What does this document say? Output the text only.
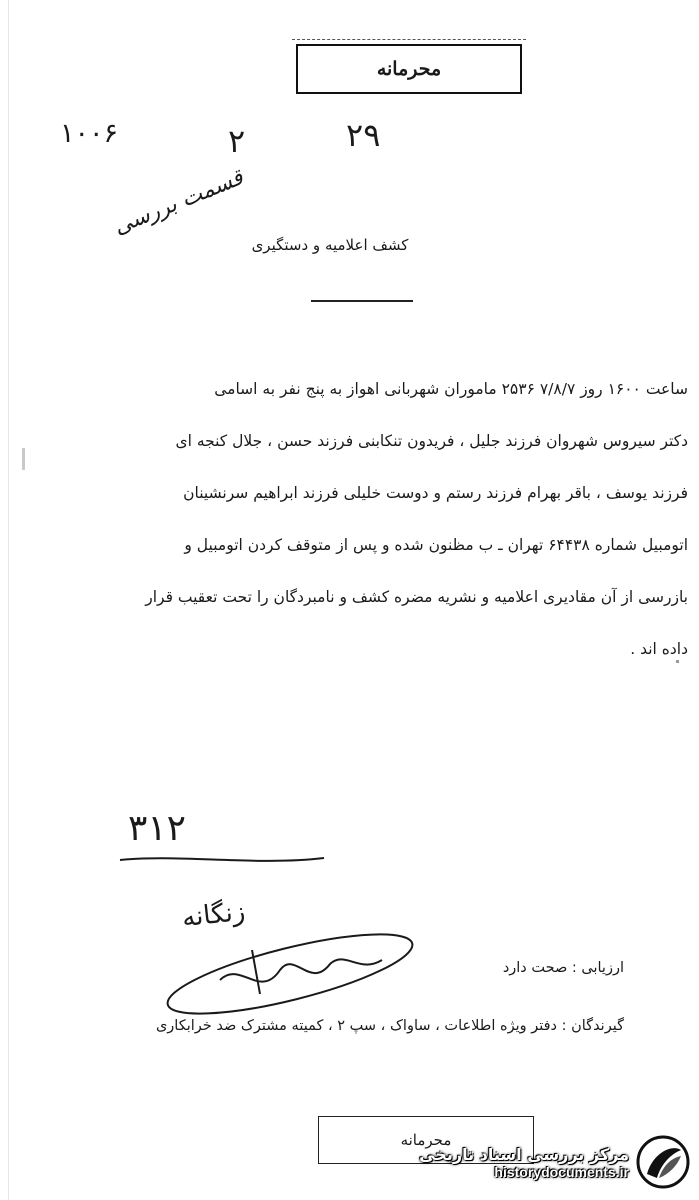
محرمانه
۱۰۰۶	۲	۲۹
قسمت بررسی
کشف اعلامیه و دستگیری

ساعت ۱۶۰۰ روز ۷/۸/۷ ۲۵۳۶ ماموران شهربانی اهواز به پنج نفر به اسامی

دکتر سیروس شهروان فرزند جلیل ، فریدون تنکابنی فرزند حسن ، جلال کنجه ای

فرزند یوسف ، باقر بهرام فرزند رستم و دوست خلیلی فرزند ابراهیم سرنشینان

اتومبیل شماره ۶۴۴۳۸ تهران ـ ب مظنون شده و پس از متوقف کردن اتومبیل و

بازرسی از آن مقادیری اعلامیه و نشریه مضره کشف و نامبردگان را تحت تعقیب قرار

داده اند .

۳۱۲
زنگانه
ارزیابی : صحت دارد
گیرندگان : دفتر ویژه اطلاعات ، ساواک ، سپ ۲ ، کمیته مشترک ضد خرابکاری
محرمانه
مرکز بررسی اسناد تاریخی
historydocuments.ir
